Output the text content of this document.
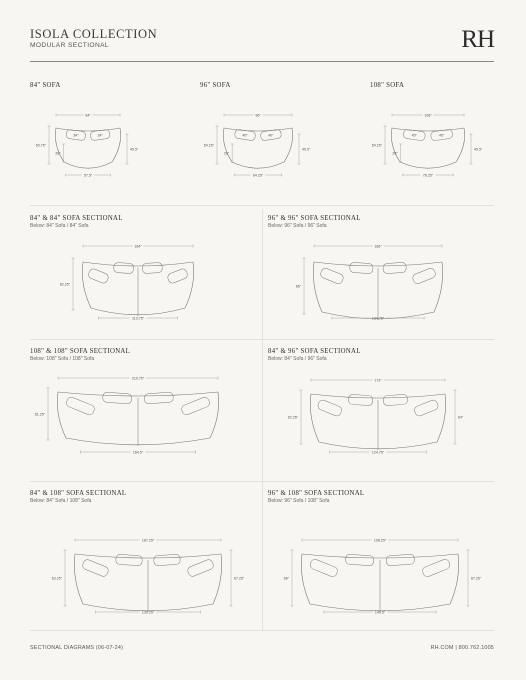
ISOLA COLLECTION
MODULAR SECTIONAL	RH
84" SOFA	96" SOFA	108" SOFA
84" & 84" SOFA SECTIONAL
Below: 84" Sofa / 84" Sofa
96" & 96" SOFA SECTIONAL
Below: 96" Sofa / 96" Sofa
108" & 108" SOFA SECTIONAL
Below: 108" Sofa / 108" Sofa
84" & 96" SOFA SECTIONAL
Below: 84" Sofa / 96" Sofa
84" & 108" SOFA SECTIONAL
Below: 84" Sofa / 108" Sofa
96" & 108" SOFA SECTIONAL
Below: 96" Sofa / 108" Sofa
SECTIONAL DIAGRAMS (06-07-24)	RH.COM | 800.762.1005
34"	34"
84"
57.5"
50.75"
28"
45.5"
40"	40"
96"
64.25"
54.25"
28"
45.5"
45"	45"
108"
76.25"
54.25"
28"
45.5"
164"
113.75"
62.25"
186"
134.75"
66"
210.75"
164.5"
61.25"
173"
124.75"
62.25"	64"
187.25"
139.25"
63.25"	67.25"
198.25"
149.5"
66"	67.25"
